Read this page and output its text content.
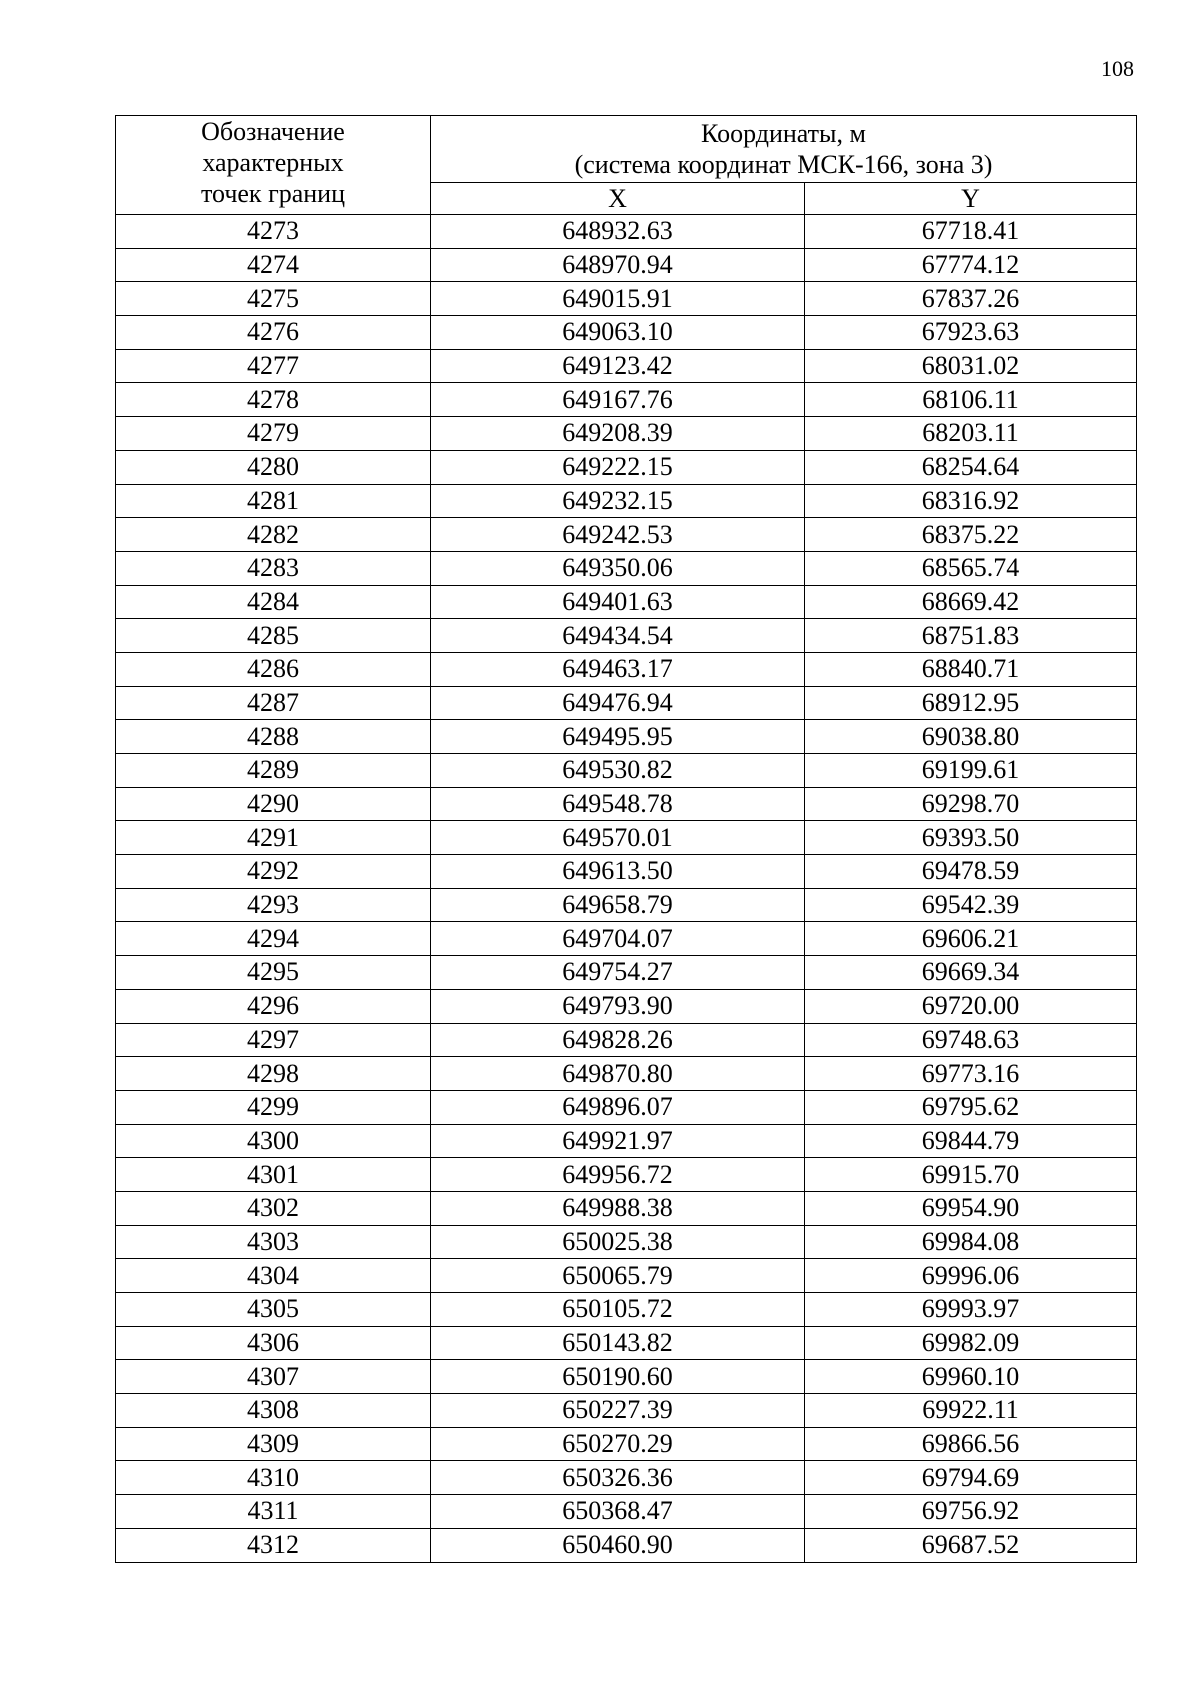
108
Обозначение
характерных
точек границ	Координаты, м
(система координат МСК-166, зона 3)	

	X	Y
4273	648932.63	67718.41
4274	648970.94	67774.12
4275	649015.91	67837.26
4276	649063.10	67923.63
4277	649123.42	68031.02
4278	649167.76	68106.11
4279	649208.39	68203.11
4280	649222.15	68254.64
4281	649232.15	68316.92
4282	649242.53	68375.22
4283	649350.06	68565.74
4284	649401.63	68669.42
4285	649434.54	68751.83
4286	649463.17	68840.71
4287	649476.94	68912.95
4288	649495.95	69038.80
4289	649530.82	69199.61
4290	649548.78	69298.70
4291	649570.01	69393.50
4292	649613.50	69478.59
4293	649658.79	69542.39
4294	649704.07	69606.21
4295	649754.27	69669.34
4296	649793.90	69720.00
4297	649828.26	69748.63
4298	649870.80	69773.16
4299	649896.07	69795.62
4300	649921.97	69844.79
4301	649956.72	69915.70
4302	649988.38	69954.90
4303	650025.38	69984.08
4304	650065.79	69996.06
4305	650105.72	69993.97
4306	650143.82	69982.09
4307	650190.60	69960.10
4308	650227.39	69922.11
4309	650270.29	69866.56
4310	650326.36	69794.69
4311	650368.47	69756.92
4312	650460.90	69687.52
